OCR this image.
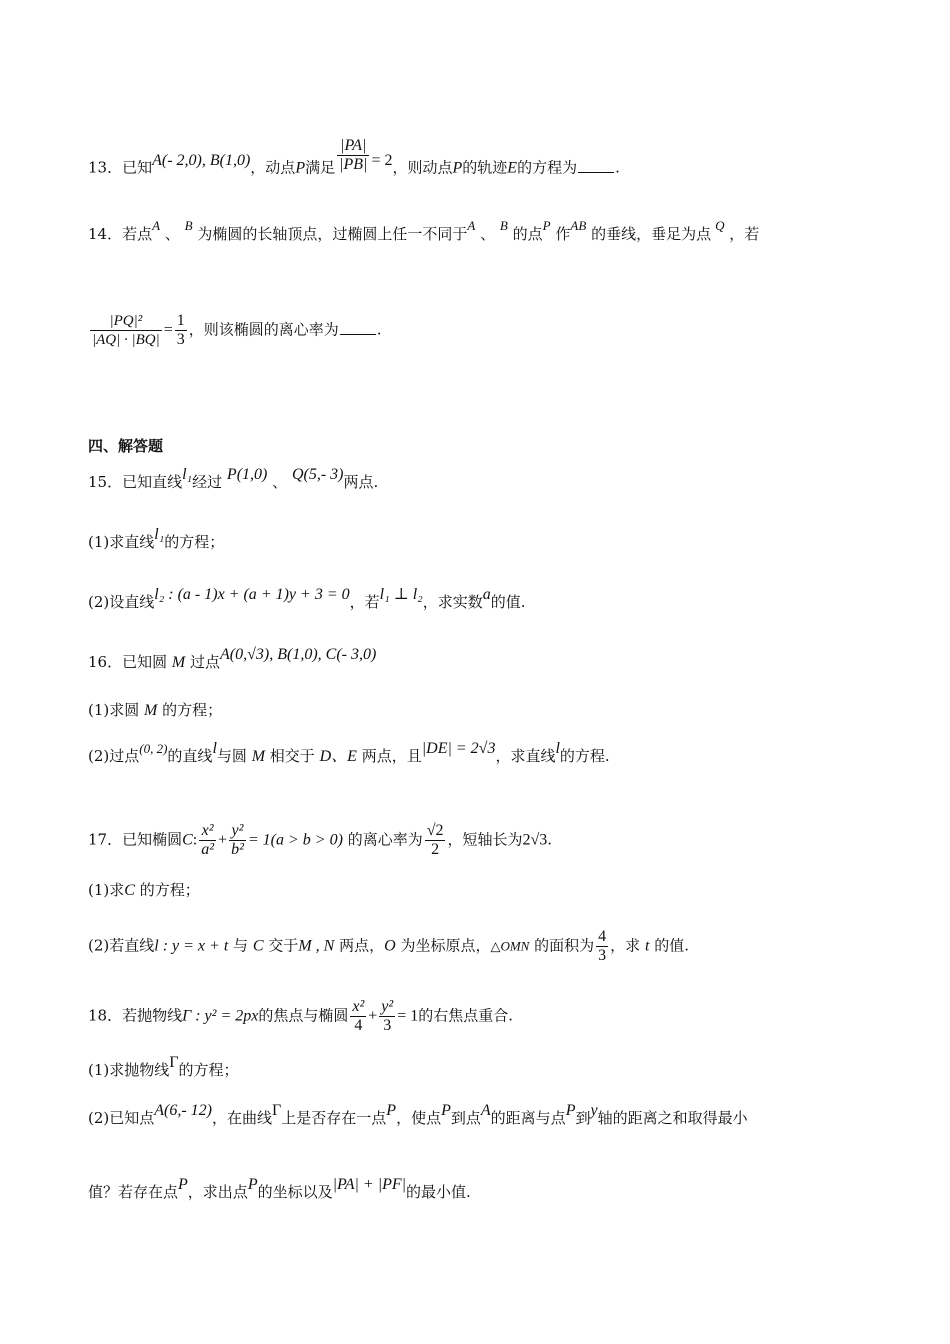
13．已知A(- 2,0), B(1,0)，动点P满足 $\frac{|PA|}{|PB|} = 2$，则动点P的轨迹E的方程为	.
14．若点A 、 B 为椭圆的长轴顶点，过椭圆上任一不同于A 、 B 的点P 作AB 的垂线，垂足为点 Q ，若
$\frac{\text{|PQ|²}}{|AQ| \cdot |BQ|} = \frac{1}{3}$ ，则该椭圆的离心率为	.
四、解答题
15．已知直线l₁经过 P(1,0) 、 Q(5,- 3)两点.
(1)求直线l₁的方程；
(2)设直线l₂ : (a - 1)x + (a + 1)y + 3 = 0，若l₁ ⊥ l₂，求实数a的值.
16．已知圆 M 过点A(0,√3), B(1,0), C(- 3,0)
(1)求圆 M 的方程；
(2)过点(0, 2)的直线l与圆 M 相交于 D、E 两点，且|DE| = 2√3，求直线l的方程.
17．已知椭圆C: $\frac{\text{x²}}{\text{a²}} + \frac{\text{y²}}{\text{b²}} = 1(a > b > 0)$ 的离心率为 $\frac{√2}{2}$ ，短轴长为2√3.
(1)求C 的方程；
(2)若直线l : y = x + t 与 C 交于M , N 两点，O 为坐标原点，△OMN 的面积为 $\frac{4}{3}$ ，求 t 的值.
18．若抛物线Γ : y² = 2px的焦点与椭圆 $\frac{\text{x²}}{4} + \frac{\text{y²}}{3} = 1$的右焦点重合.
(1)求抛物线Γ的方程；
(2)已知点A(6,- 12)，在曲线Γ上是否存在一点P，使点P到点A的距离与点P到y轴的距离之和取得最小
值？若存在点P，求出点P的坐标以及|PA| + |PF|的最小值.
